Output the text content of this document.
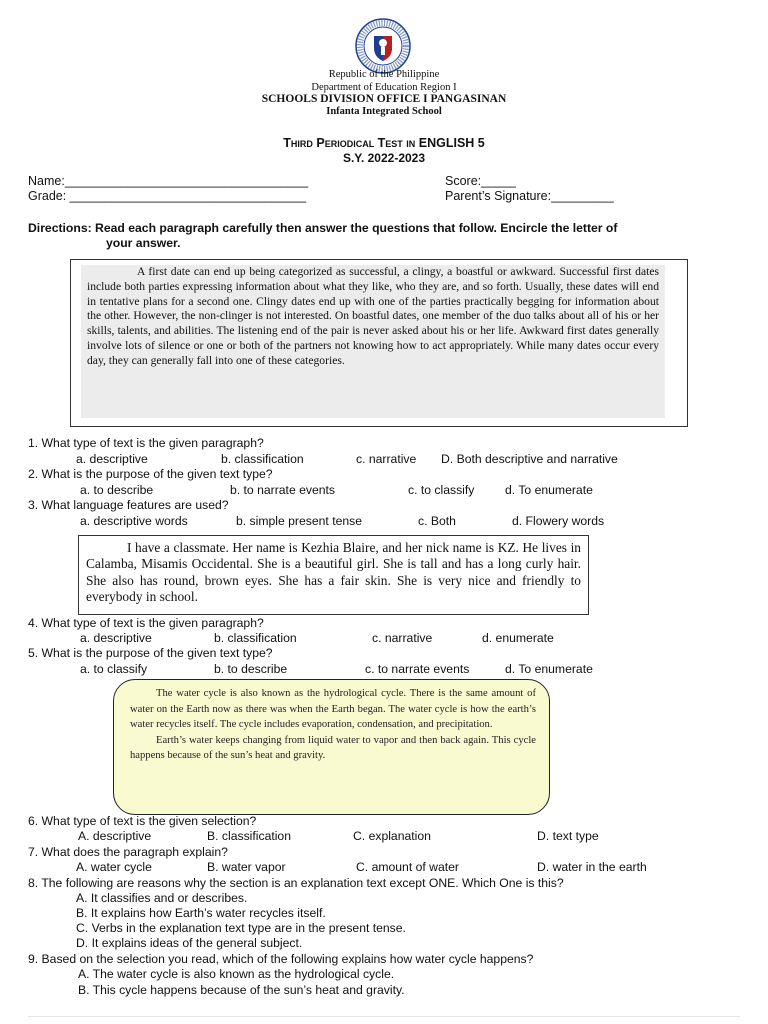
Republic of the Philippine
Department of Education Region I
SCHOOLS DIVISION OFFICE I PANGASINAN
Infanta Integrated School
Third Periodical Test in ENGLISH 5
S.Y. 2022-2023
Name:___________________________________
Grade: __________________________________
Score:_____
Parent’s Signature:_________
Directions: Read each paragraph carefully then answer the questions that follow. Encircle the letter of
your answer.
A first date can end up being categorized as successful, a clingy, a boastful or awkward. Successful first dates include both parties expressing information about what they like, who they are, and so forth. Usually, these dates will end in tentative plans for a second one. Clingy dates end up with one of the parties practically begging for information about the other. However, the non-clinger is not interested. On boastful dates, one member of the duo talks about all of his or her skills, talents, and abilities. The listening end of the pair is never asked about his or her life. Awkward first dates generally involve lots of silence or one or both of the partners not knowing how to act appropriately. While many dates occur every day, they can generally fall into one of these categories.
1. What type of text is the given paragraph?
a. descriptive	b. classification	c. narrative D. Both descriptive and narrative
2. What is the purpose of the given text type?
a. to describe	b. to narrate events	c. to classify	d. To enumerate
3. What language features are used?
a. descriptive words	b. simple present tense	c. Both	d. Flowery words
I have a classmate. Her name is Kezhia Blaire, and her nick name is KZ. He lives in Calamba, Misamis Occidental. She is a beautiful girl. She is tall and has a long curly hair. She also has round, brown eyes. She has a fair skin. She is very nice and friendly to everybody in school.
4. What type of text is the given paragraph?
a. descriptive	b. classification	c. narrative	d. enumerate
5. What is the purpose of the given text type?
a. to classify	b. to describe	c. to narrate events	d. To enumerate

The water cycle is also known as the hydrological cycle. There is the same amount of water on the Earth now as there was when the Earth began. The water cycle is how the earth’s water recycles itself. The cycle includes evaporation, condensation, and precipitation.

Earth’s water keeps changing from liquid water to vapor and then back again. This cycle happens because of the sun’s heat and gravity.

6. What type of text is the given selection?
A. descriptive	B. classification	C. explanation	D. text type
7. What does the paragraph explain?
A. water cycle	B. water vapor	C. amount of water	D. water in the earth
8. The following are reasons why the section is an explanation text except ONE. Which One is this?
A. It classifies and or describes.
B. It explains how Earth’s water recycles itself.
C. Verbs in the explanation text type are in the present tense.
D. It explains ideas of the general subject.
9. Based on the selection you read, which of the following explains how water cycle happens?
A. The water cycle is also known as the hydrological cycle.
B. This cycle happens because of the sun’s heat and gravity.
